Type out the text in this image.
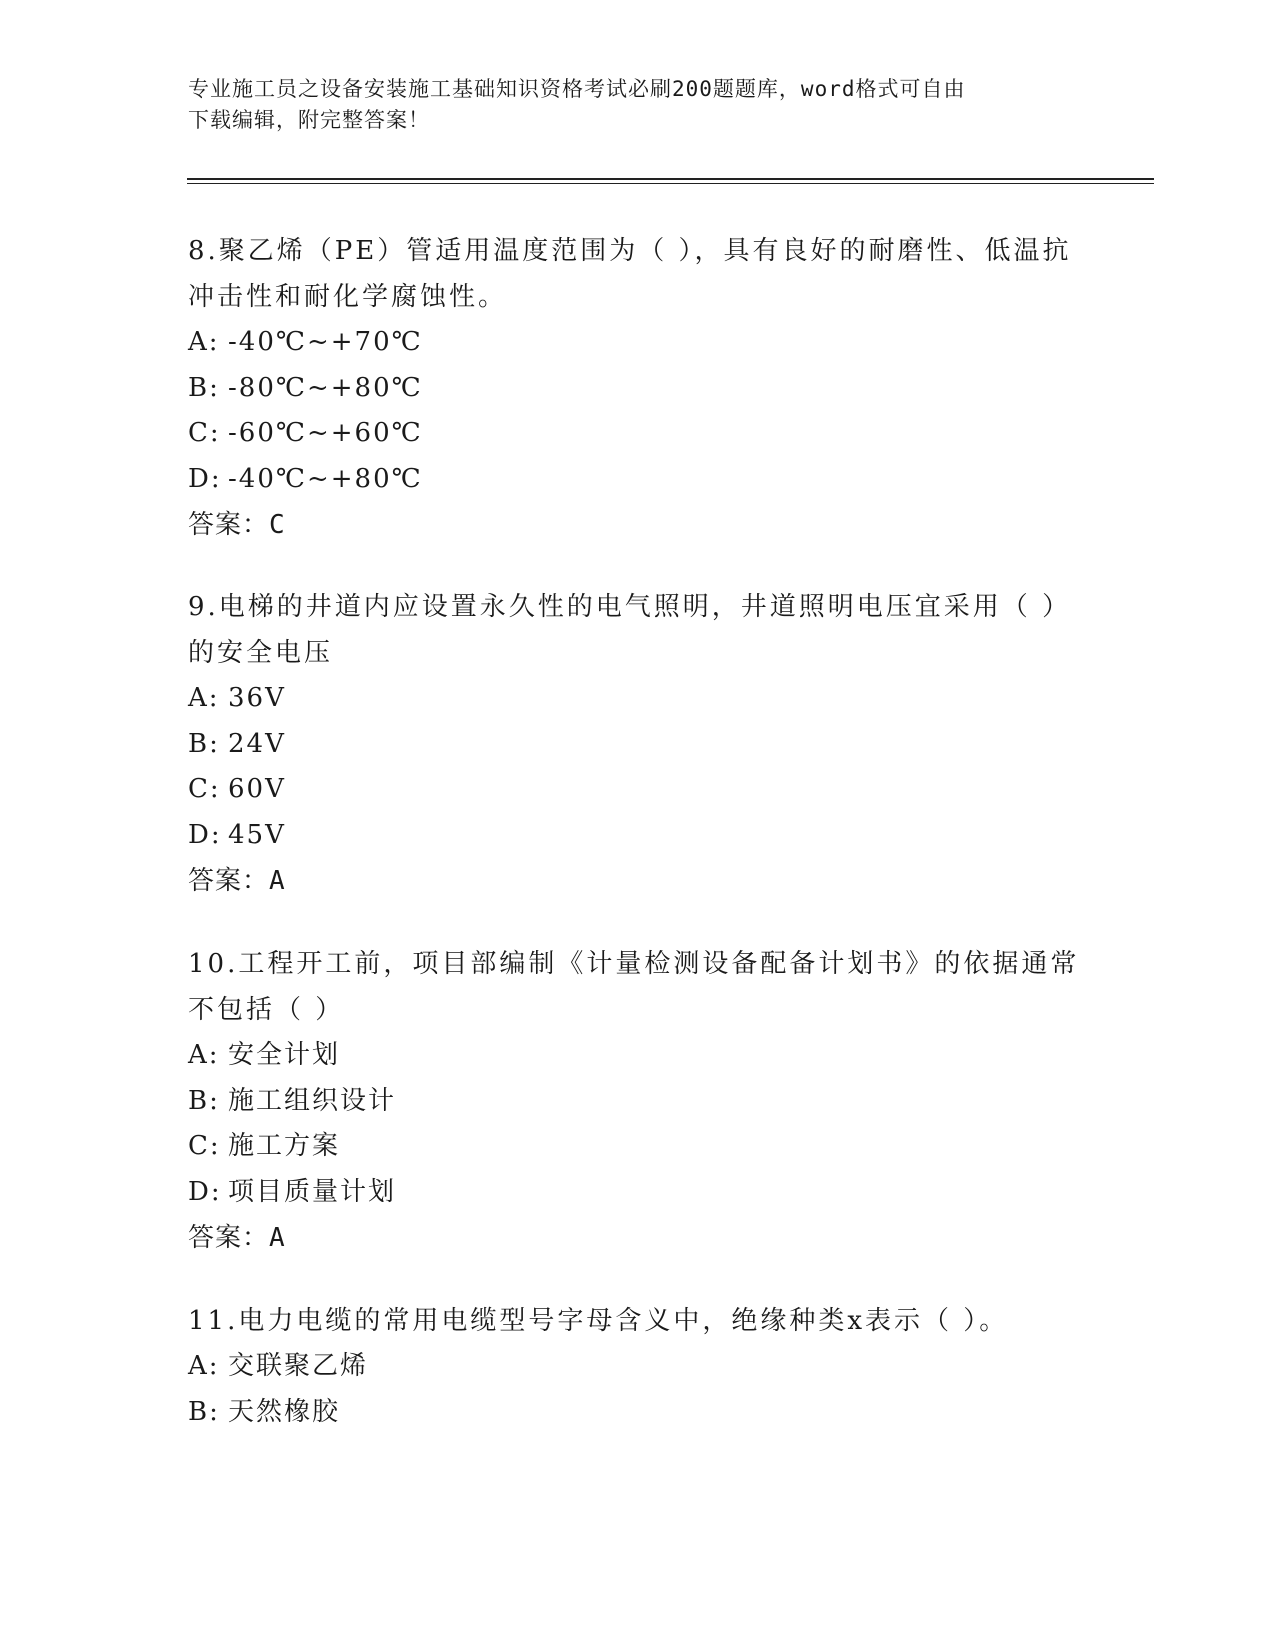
专业施工员之设备安装施工基础知识资格考试必刷200题题库，word格式可自由
下载编辑，附完整答案！

8.聚乙烯（PE）管适用温度范围为（ ），具有良好的耐磨性、低温抗

冲击性和耐化学腐蚀性。

A: -40℃~+70℃

B: -80℃~+80℃

C: -60℃~+60℃

D: -40℃~+80℃

答案：C

9.电梯的井道内应设置永久性的电气照明，井道照明电压宜采用（ ）

的安全电压

A: 36V

B: 24V

C: 60V

D: 45V

答案：A

10.工程开工前，项目部编制《计量检测设备配备计划书》的依据通常

不包括（ ）

A: 安全计划

B: 施工组织设计

C: 施工方案

D: 项目质量计划

答案：A

11.电力电缆的常用电缆型号字母含义中，绝缘种类x表示（ ）。

A: 交联聚乙烯

B: 天然橡胶
